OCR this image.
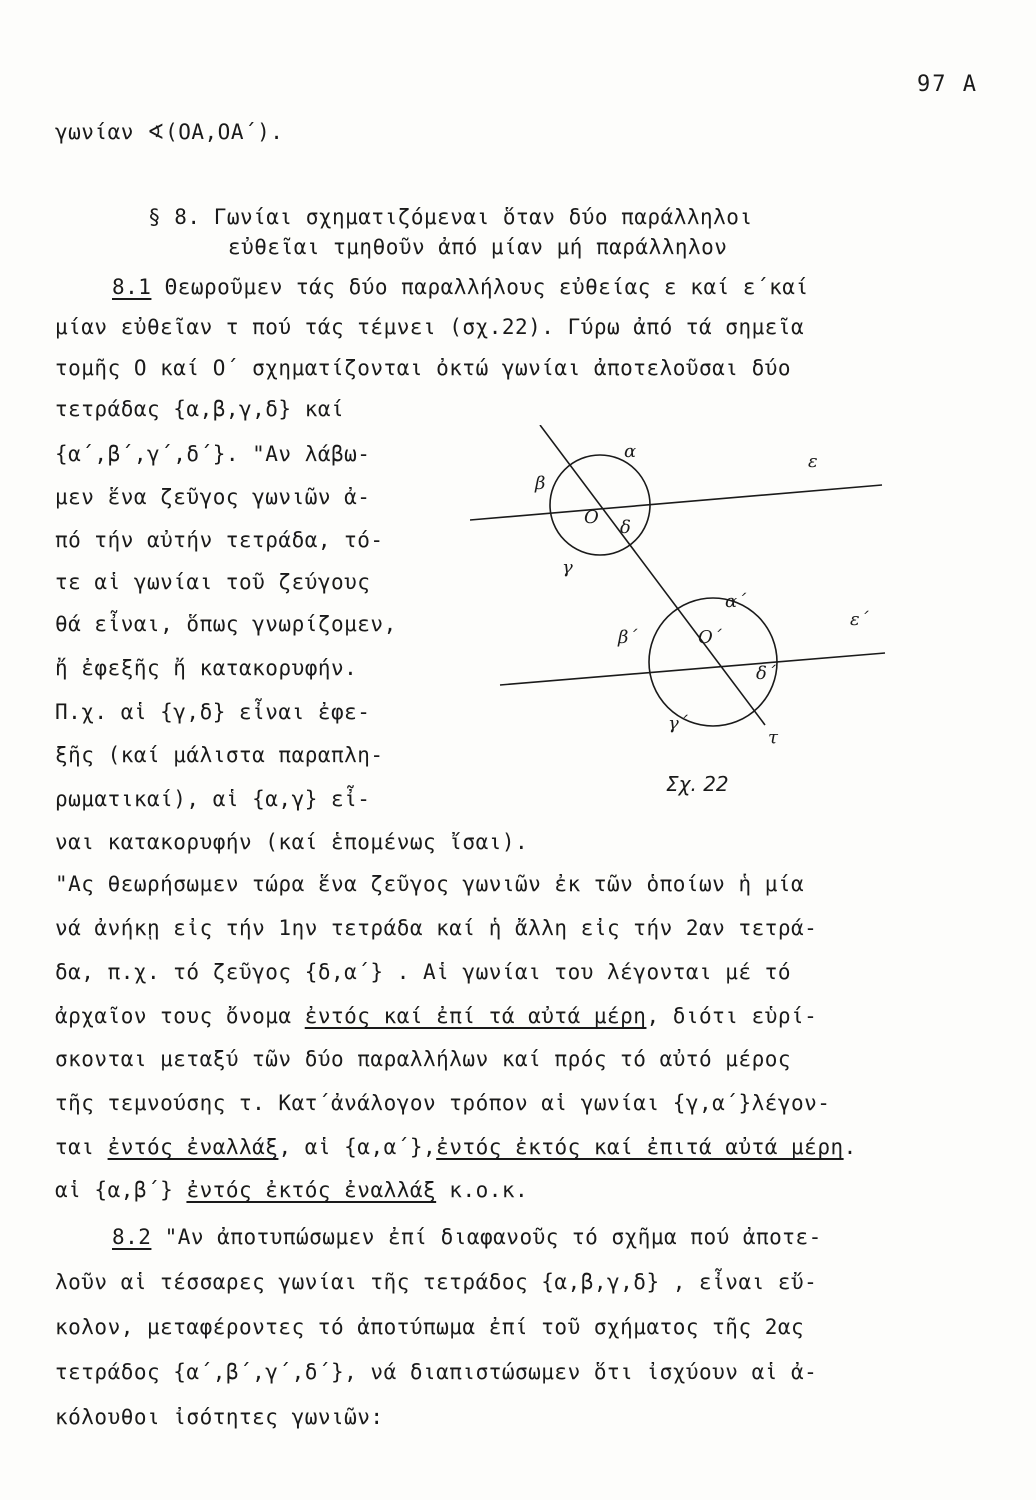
97 A
γωνίαν ∢(ΟΑ,ΟΑ΄).
§ 8. Γωνίαι σχηματιζόμεναι ὅταν δύο παράλληλοι
εὐθεῖαι τμηθοῦν ἀπό μίαν μή παράλληλον
8.1 Θεωροῦμεν τάς δύο παραλλήλους εὐθείας ε καί ε΄καί
μίαν εὐθεῖαν τ πού τάς τέμνει (σχ.22). Γύρω ἀπό τά σημεῖα
τομῆς Ο καί Ο΄ σχηματίζονται ὀκτώ γωνίαι ἀποτελοῦσαι δύο
τετράδας {α,β,γ,δ} καί
{α΄,β΄,γ΄,δ΄}. "Αν λάβω-
μεν ἕνα ζεῦγος γωνιῶν ἀ-
πό τήν αὐτήν τετράδα, τό-
τε αἱ γωνίαι τοῦ ζεύγους
θά εἶναι, ὅπως γνωρίζομεν,
ἤ ἐφεξῆς ἤ κατακορυφήν.
Π.χ. αἱ {γ,δ} εἶναι ἐφε-
ξῆς (καί μάλιστα παραπλη-
ρωματικαί), αἱ {α,γ} εἶ-
ναι κατακορυφήν (καί ἑπομένως ἴσαι).
"Ας θεωρήσωμεν τώρα ἕνα ζεῦγος γωνιῶν ἐκ τῶν ὁποίων ἡ μία
νά ἀνήκῃ εἰς τήν 1ην τετράδα καί ἡ ἄλλη εἰς τήν 2αν τετρά-
δα, π.χ. τό ζεῦγος {δ,α΄} . Αἱ γωνίαι του λέγονται μέ τό
ἀρχαῖον τους ὄνομα ἐντός καί ἐπί τά αὐτά μέρη, διότι εὑρί-
σκονται μεταξύ τῶν δύο παραλλήλων καί πρός τό αὐτό μέρος
τῆς τεμνούσης τ. Κατ΄ἀνάλογον τρόπον αἱ γωνίαι {γ,α΄}λέγον-
ται ἐντός ἐναλλάξ, αἱ {α,α΄},ἐντός ἐκτός καί ἐπιτά αὐτά μέρη.
αἱ {α,β΄} ἐντός ἐκτός ἐναλλάξ κ.ο.κ.
8.2 "Αν ἀποτυπώσωμεν ἐπί διαφανοῦς τό σχῆμα πού ἀποτε-
λοῦν αἱ τέσσαρες γωνίαι τῆς τετράδος {α,β,γ,δ} , εἶναι εὔ-
κολον, μεταφέροντες τό ἀποτύπωμα ἐπί τοῦ σχήματος τῆς 2ας
τετράδος {α΄,β΄,γ΄,δ΄}, νά διαπιστώσωμεν ὅτι ἰσχύουν αἱ ἀ-
κόλουθοι ἰσότητες γωνιῶν:
α
β
Ο δ
γ
ε
α΄
β΄	Ο΄
δ΄
γ΄
ε΄
τ
Σχ. 22
